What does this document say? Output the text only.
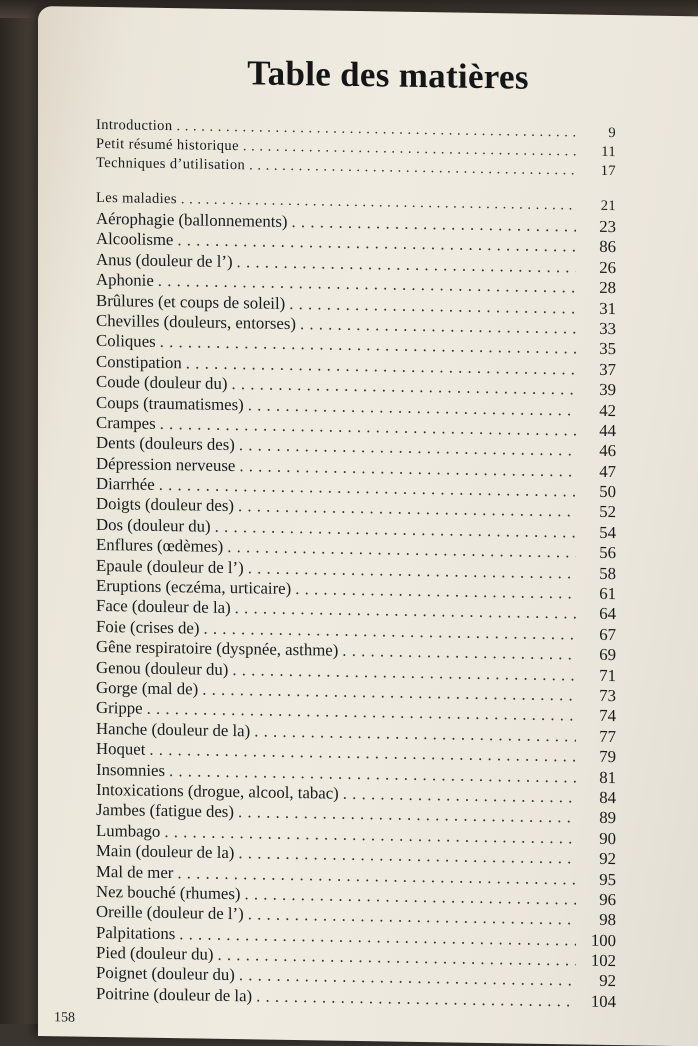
Table des matières
Introduction . . .	9
Petit résumé historique . . .	11
Techniques d’utilisation . . .	17
Les maladies . . .	21
Aérophagie (ballonnements) . . .	23
Alcoolisme . . .	86
Anus (douleur de l’) . . .	26
Aphonie . . .	28
Brûlures (et coups de soleil) . . .	31
Chevilles (douleurs, entorses) . . .	33
Coliques . . .	35
Constipation . . .	37
Coude (douleur du) . . .	39
Coups (traumatismes) . . .	42
Crampes . . .	44
Dents (douleurs des) . . .	46
Dépression nerveuse . . .	47
Diarrhée . . .	50
Doigts (douleur des) . . .	52
Dos (douleur du) . . .	54
Enflures (œdèmes) . . .	56
Epaule (douleur de l’) . . .	58
Eruptions (eczéma, urticaire) . . .	61
Face (douleur de la) . . .	64
Foie (crises de) . . .	67
Gêne respiratoire (dyspnée, asthme) . . .	69
Genou (douleur du) . . .	71
Gorge (mal de) . . .	73
Grippe . . .	74
Hanche (douleur de la) . . .	77
Hoquet . . .	79
Insomnies . . .	81
Intoxications (drogue, alcool, tabac) . . .	84
Jambes (fatigue des) . . .	89
Lumbago . . .	90
Main (douleur de la) . . .	92
Mal de mer . . .	95
Nez bouché (rhumes) . . .	96
Oreille (douleur de l’) . . .	98
Palpitations . . .	100
Pied (douleur du) . . .	102
Poignet (douleur du) . . .	92
Poitrine (douleur de la) . . .	104
158
